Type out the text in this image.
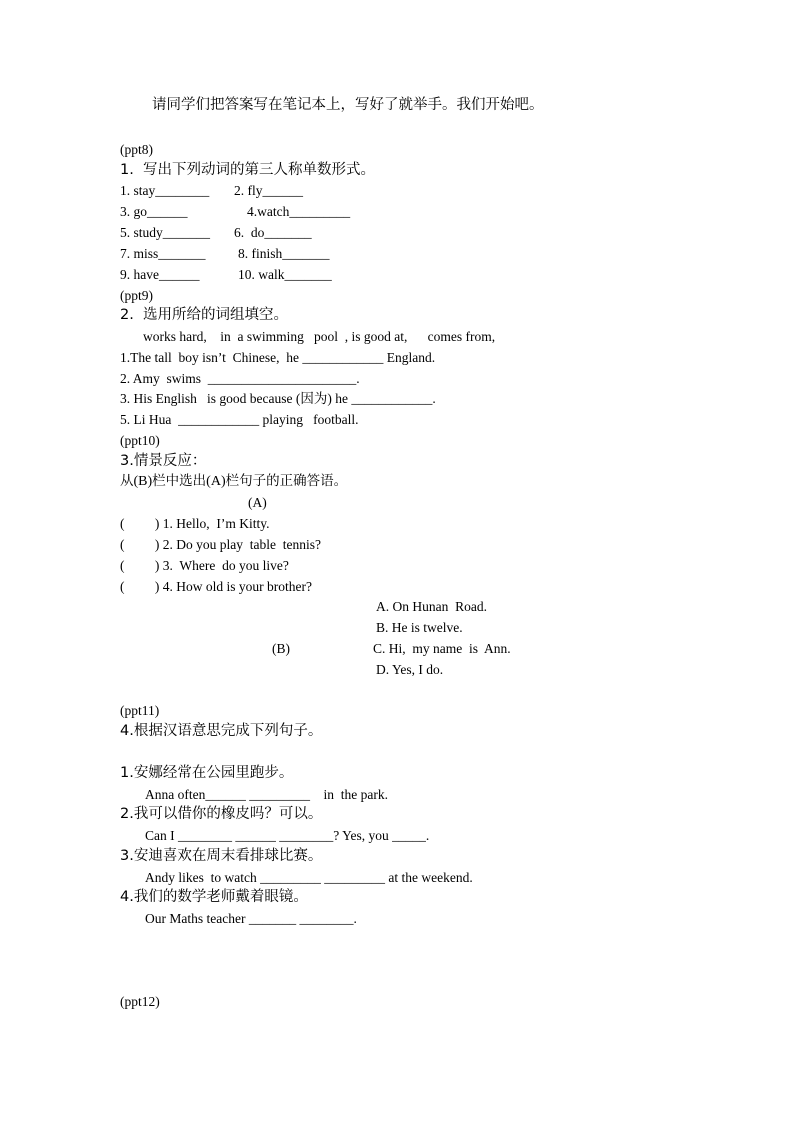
请同学们把答案写在笔记本上，写好了就举手。我们开始吧。
(ppt8)
1.  写出下列动词的第三人称单数形式。
1. stay________ 2. fly______
3. go______	4.watch_________
5. study_______ 6.  do_______
7. miss_______ 8. finish_______
9. have______	10. walk_______
(ppt9)
2.  选用所给的词组填空。
works hard,    in  a swimming   pool  , is good at,      comes from,
1.The tall  boy isn’t  Chinese,  he ____________ England.
2. Amy  swims  ______________________.
3. His English   is good because (因为) he ____________.
5. Li Hua  ____________ playing   football.
(ppt10)
3.情景反应：
从(B)栏中选出(A)栏句子的正确答语。
(A)
(         ) 1. Hello,  I’m Kitty.
(         ) 2. Do you play  table  tennis?
(         ) 3.  Where  do you live?
(         ) 4. How old is your brother?
A. On Hunan  Road.
B. He is twelve.
(B)	C. Hi,  my name  is  Ann.
D. Yes, I do.
(ppt11)
4.根据汉语意思完成下列句子。
1.安娜经常在公园里跑步。
Anna often______ _________    in  the park.
2.我可以借你的橡皮吗？可以。
Can I ________ ______ ________? Yes, you _____.
3.安迪喜欢在周末看排球比赛。
Andy likes  to watch _________ _________ at the weekend.
4.我们的数学老师戴着眼镜。
Our Maths teacher _______ ________.
(ppt12)
